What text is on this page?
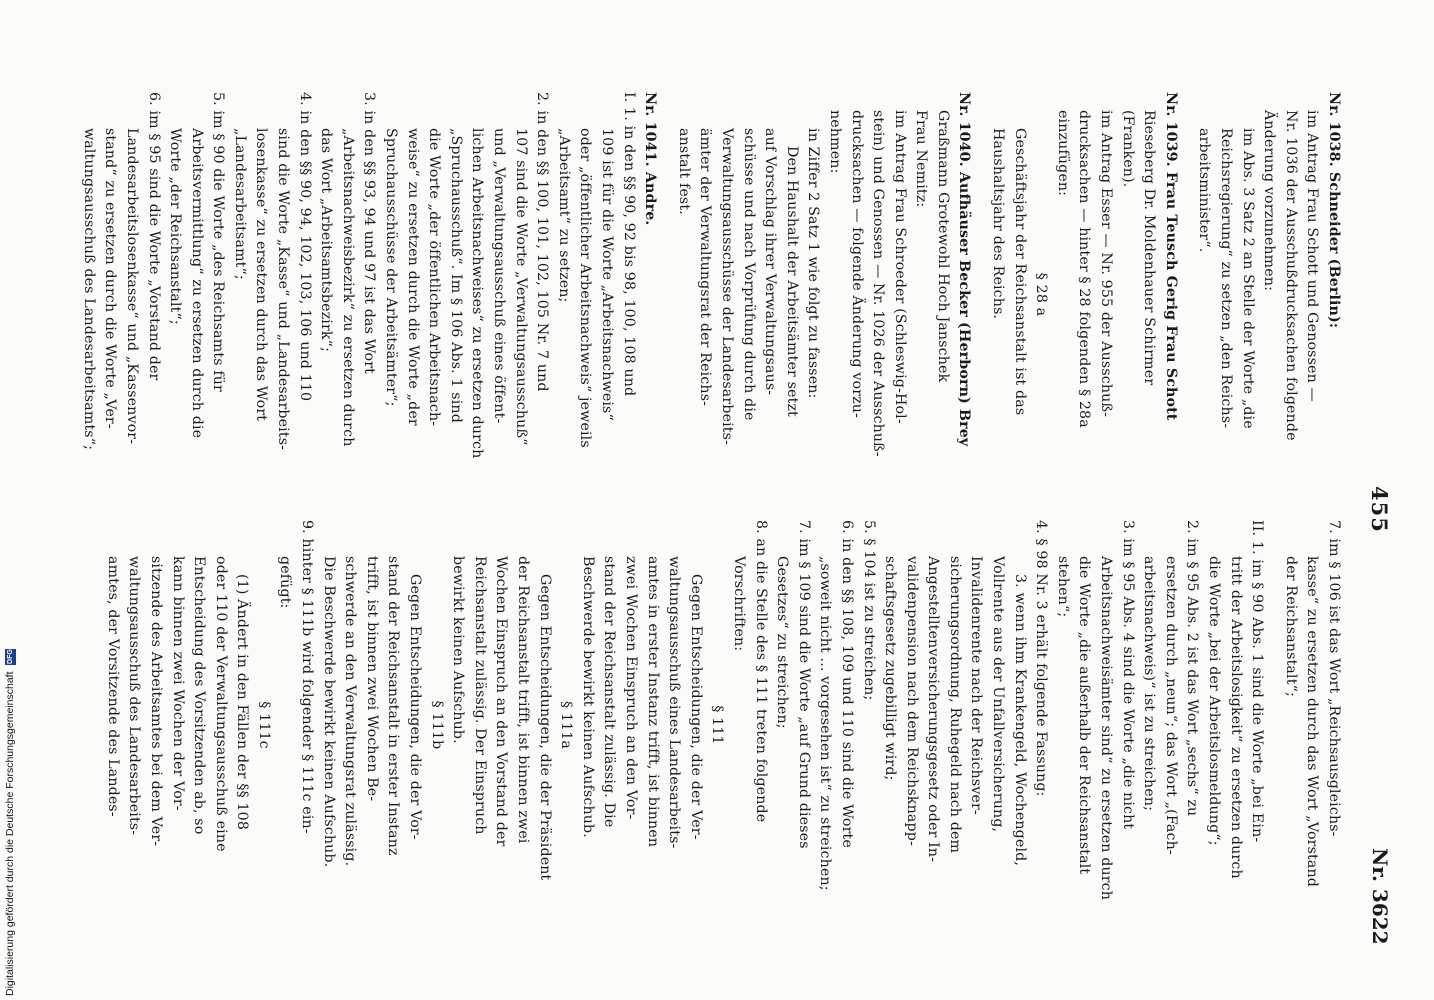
455
Nr. 3622

Nr. 1038. Schneider (Berlin):

im Antrag Frau Schott und Genossen —

Nr. 1036 der Ausschußdrucksachen folgende

Änderung vorzunehmen:

im Abs. 3 Satz 2 an Stelle der Worte „die

Reichsregierung“ zu setzen „den Reichs-

arbeitsminister“.

Nr. 1039. Frau Teusch Gerig Frau Schott

Rieseberg Dr. Moldenhauer Schirmer

(Franken).

im Antrag Esser — Nr. 955 der Ausschuß-

drucksachen — hinter § 28 folgenden § 28a

einzufügen:

§ 28 a

Geschäftsjahr der Reichsanstalt ist das

Haushaltsjahr des Reichs.

Nr. 1040. Aufhäuser Becker (Herborn) Brey

Graßmann Grotewohl Hoch Janschek

Frau Nemitz:

im Antrag Frau Schroeder (Schleswig-Hol-

stein) und Genossen — Nr. 1026 der Ausschuß-

drucksachen — folgende Änderung vorzu-

nehmen:

in Ziffer 2 Satz 1 wie folgt zu fassen:

Den Haushalt der Arbeitsämter setzt

auf Vorschlag ihrer Verwaltungsaus-

schüsse und nach Vorprüfung durch die

Verwaltungsausschüsse der Landesarbeits-

ämter der Verwaltungsrat der Reichs-

anstalt fest.

Nr. 1041. Andre.

I. 1. in den §§ 90, 92 bis 98, 100, 108 und

109 ist für die Worte „Arbeitsnachweis“

oder „öffentlicher Arbeitsnachweis“ jeweils

„Arbeitsamt“ zu setzen;

2. in den §§ 100, 101, 102, 105 Nr. 7 und

107 sind die Worte „Verwaltungsausschuß“

und „Verwaltungsausschuß eines öffent-

lichen Arbeitsnachweises“ zu ersetzen durch

„Spruchausschuß“. Im § 106 Abs. 1 sind

die Worte „der öffentlichen Arbeitsnach-

weise“ zu ersetzen durch die Worte „der

Spruchausschüsse der Arbeitsämter“;

3. in den §§ 93, 94 und 97 ist das Wort

„Arbeitsnachweisbezirk“ zu ersetzen durch

das Wort „Arbeitsamtsbezirk“;

4. in den §§ 90, 94, 102, 103, 106 und 110

sind die Worte „Kasse“ und „Landesarbeits-

losenkasse“ zu ersetzen durch das Wort

„Landesarbeitsamt“;

5. im § 90 die Worte „des Reichsamts für

Arbeitsvermittlung“ zu ersetzen durch die

Worte „der Reichsanstalt“;

6. im § 95 sind die Worte „Vorstand der

Landesarbeitslosenkasse“ und „Kassenvor-

stand“ zu ersetzen durch die Worte „Ver-

waltungsausschuß des Landesarbeitsamts“;

7. im § 106 ist das Wort „Reichsausgleichs-

kasse“ zu ersetzen durch das Wort „Vorstand

der Reichsanstalt“;

II. 1. im § 90 Abs. 1 sind die Worte „bei Ein-

tritt der Arbeitslosigkeit“ zu ersetzen durch

die Worte „bei der Arbeitslosmeldung“;

2. im § 95 Abs. 2 ist das Wort „sechs“ zu

ersetzen durch „neun“; das Wort „(Fach-

arbeitsnachweis)“ ist zu streichen;

3. im § 95 Abs. 4 sind die Worte „die nicht

Arbeitsnachweisämter sind“ zu ersetzen durch

die Worte „die außerhalb der Reichsanstalt

stehen“;

4. § 98 Nr. 3 erhält folgende Fassung:

3. wenn ihm Krankengeld, Wochengeld,

Vollrente aus der Unfallversicherung,

Invalidenrente nach der Reichsver-

sicherungsordnung, Ruhegeld nach dem

Angestelltenversicherungsgesetz oder In-

validenpension nach dem Reichsknapp-

schaftsgesetz zugebilligt wird;

5. § 104 ist zu streichen;

6. in den §§ 108, 109 und 110 sind die Worte

„soweit nicht ... vorgesehen ist“ zu streichen;

7. im § 109 sind die Worte „auf Grund dieses

Gesetzes“ zu streichen;

8. an die Stelle des § 111 treten folgende

Vorschriften:

§ 111

Gegen Entscheidungen, die der Ver-

waltungsausschuß eines Landesarbeits-

amtes in erster Instanz trifft, ist binnen

zwei Wochen Einspruch an den Vor-

stand der Reichsanstalt zulässig. Die

Beschwerde bewirkt keinen Aufschub.

§ 111a

Gegen Entscheidungen, die der Präsident

der Reichsanstalt trifft, ist binnen zwei

Wochen Einspruch an den Vorstand der

Reichsanstalt zulässig. Der Einspruch

bewirkt keinen Aufschub.

§ 111b

Gegen Entscheidungen, die der Vor-

stand der Reichsanstalt in erster Instanz

trifft, ist binnen zwei Wochen Be-

schwerde an den Verwaltungsrat zulässig.

Die Beschwerde bewirkt keinen Aufschub.

9. hinter § 111b wird folgender § 111c ein-

gefügt:

§ 111c

(1) Ändert in den Fällen der §§ 108

oder 110 der Verwaltungsausschuß eine

Entscheidung des Vorsitzenden ab, so

kann binnen zwei Wochen der Vor-

sitzende des Arbeitsamtes bei dem Ver-

waltungsausschuß des Landesarbeits-

amtes, der Vorsitzende des Landes-

Digitalisierung gefördert durch die Deutsche Forschungsgemeinschaft DFG
